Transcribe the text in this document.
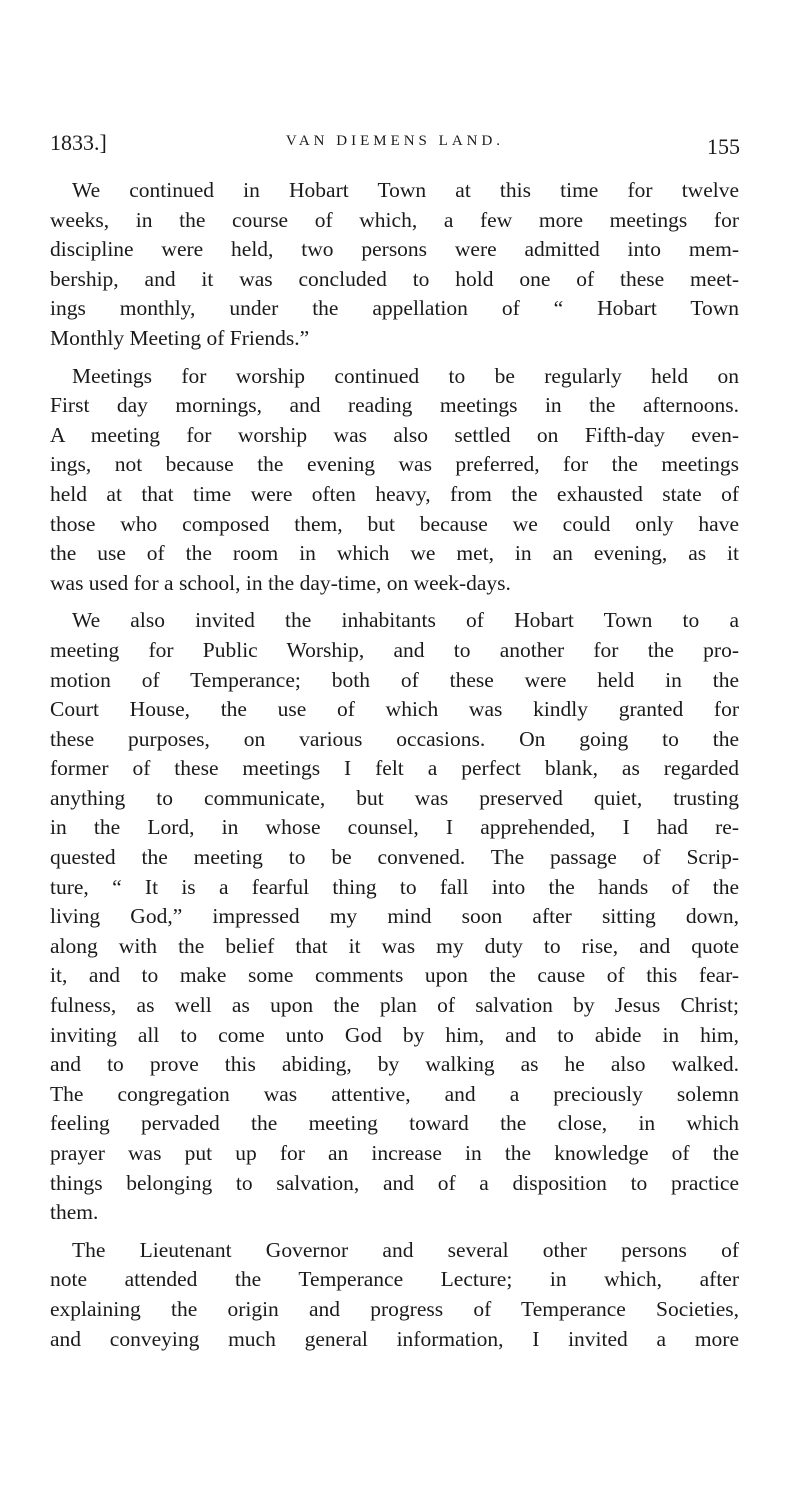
1833.]	VAN DIEMENS LAND.	155

We continued in Hobart Town at this time for twelve
weeks, in the course of which, a few more meetings for
discipline were held, two persons were admitted into mem-
bership, and it was concluded to hold one of these meet-
ings monthly, under the appellation of “ Hobart Town
Monthly Meeting of Friends.”

Meetings for worship continued to be regularly held on
First day mornings, and reading meetings in the afternoons.
A meeting for worship was also settled on Fifth-day even-
ings, not because the evening was preferred, for the meetings
held at that time were often heavy, from the exhausted state of
those who composed them, but because we could only have
the use of the room in which we met, in an evening, as it
was used for a school, in the day-time, on week-days.

We also invited the inhabitants of Hobart Town to a
meeting for Public Worship, and to another for the pro-
motion of Temperance; both of these were held in the
Court House, the use of which was kindly granted for
these purposes, on various occasions. On going to the
former of these meetings I felt a perfect blank, as regarded
anything to communicate, but was preserved quiet, trusting
in the Lord, in whose counsel, I apprehended, I had re-
quested the meeting to be convened. The passage of Scrip-
ture, “ It is a fearful thing to fall into the hands of the
living God,” impressed my mind soon after sitting down,
along with the belief that it was my duty to rise, and quote
it, and to make some comments upon the cause of this fear-
fulness, as well as upon the plan of salvation by Jesus Christ;
inviting all to come unto God by him, and to abide in him,
and to prove this abiding, by walking as he also walked.
The congregation was attentive, and a preciously solemn
feeling pervaded the meeting toward the close, in which
prayer was put up for an increase in the knowledge of the
things belonging to salvation, and of a disposition to practice
them.

The Lieutenant Governor and several other persons of
note attended the Temperance Lecture; in which, after
explaining the origin and progress of Temperance Societies,
and conveying much general information, I invited a more
